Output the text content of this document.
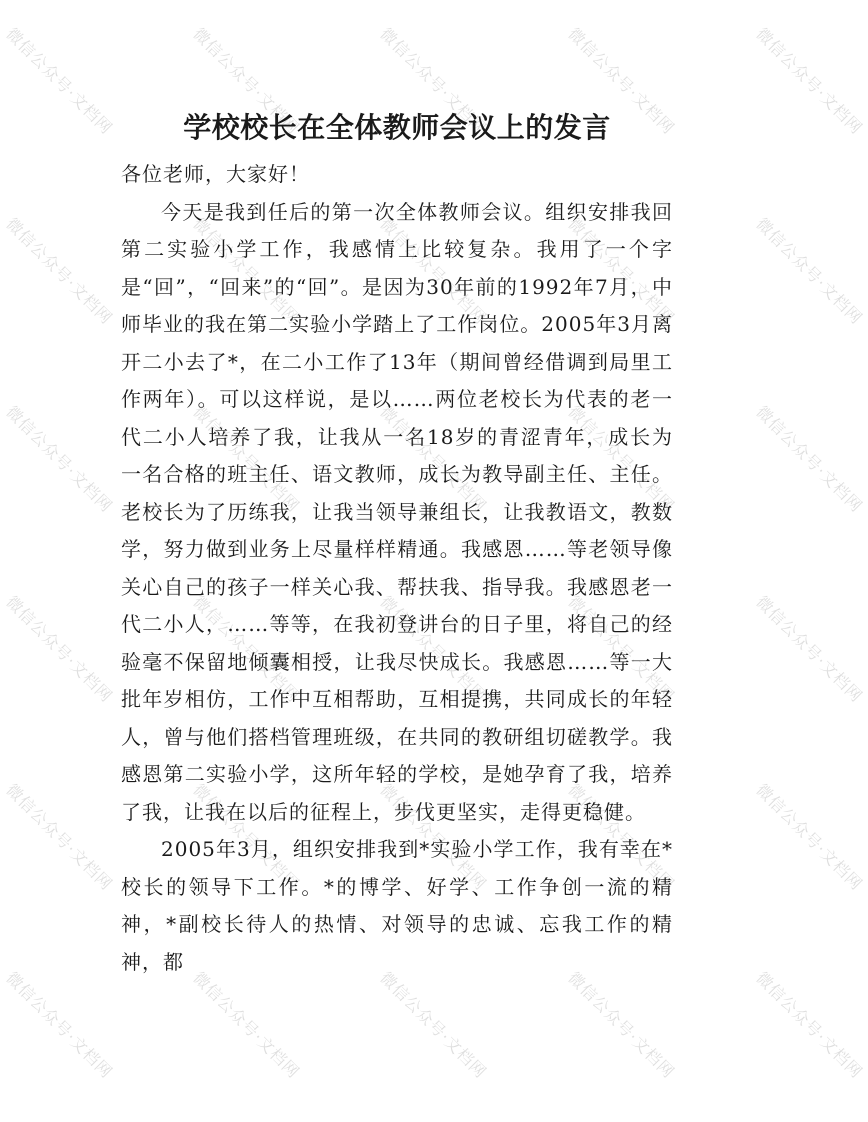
微信公众号·文档网	微信公众号·文档网	微信公众号·文档网	微信公众号·文档网	微信公众号·文档网
微信公众号·文档网	微信公众号·文档网	微信公众号·文档网	微信公众号·文档网	微信公众号·文档网
微信公众号·文档网	微信公众号·文档网	微信公众号·文档网	微信公众号·文档网	微信公众号·文档网
微信公众号·文档网	微信公众号·文档网	微信公众号·文档网	微信公众号·文档网	微信公众号·文档网
微信公众号·文档网	微信公众号·文档网	微信公众号·文档网	微信公众号·文档网	微信公众号·文档网
微信公众号·文档网	微信公众号·文档网	微信公众号·文档网	微信公众号·文档网	微信公众号·文档网
学校校长在全体教师会议上的发言

各位老师，大家好！

今天是我到任后的第一次全体教师会议。组织安排我回第二实验小学工作，我感情上比较复杂。我用了一个字是“回”，“回来”的“回”。是因为30年前的1992年7月，中师毕业的我在第二实验小学踏上了工作岗位。2005年3月离开二小去了*，在二小工作了13年（期间曾经借调到局里工作两年）。可以这样说，是以……两位老校长为代表的老一代二小人培养了我，让我从一名18岁的青涩青年，成长为一名合格的班主任、语文教师，成长为教导副主任、主任。老校长为了历练我，让我当领导兼组长，让我教语文，教数学，努力做到业务上尽量样样精通。我感恩……等老领导像关心自己的孩子一样关心我、帮扶我、指导我。我感恩老一代二小人，……等等，在我初登讲台的日子里，将自己的经验毫不保留地倾囊相授，让我尽快成长。我感恩……等一大批年岁相仿，工作中互相帮助，互相提携，共同成长的年轻人，曾与他们搭档管理班级，在共同的教研组切磋教学。我感恩第二实验小学，这所年轻的学校，是她孕育了我，培养了我，让我在以后的征程上，步伐更坚实，走得更稳健。

2005年3月，组织安排我到*实验小学工作，我有幸在*校长的领导下工作。*的博学、好学、工作争创一流的精神，*副校长待人的热情、对领导的忠诚、忘我工作的精神，都
